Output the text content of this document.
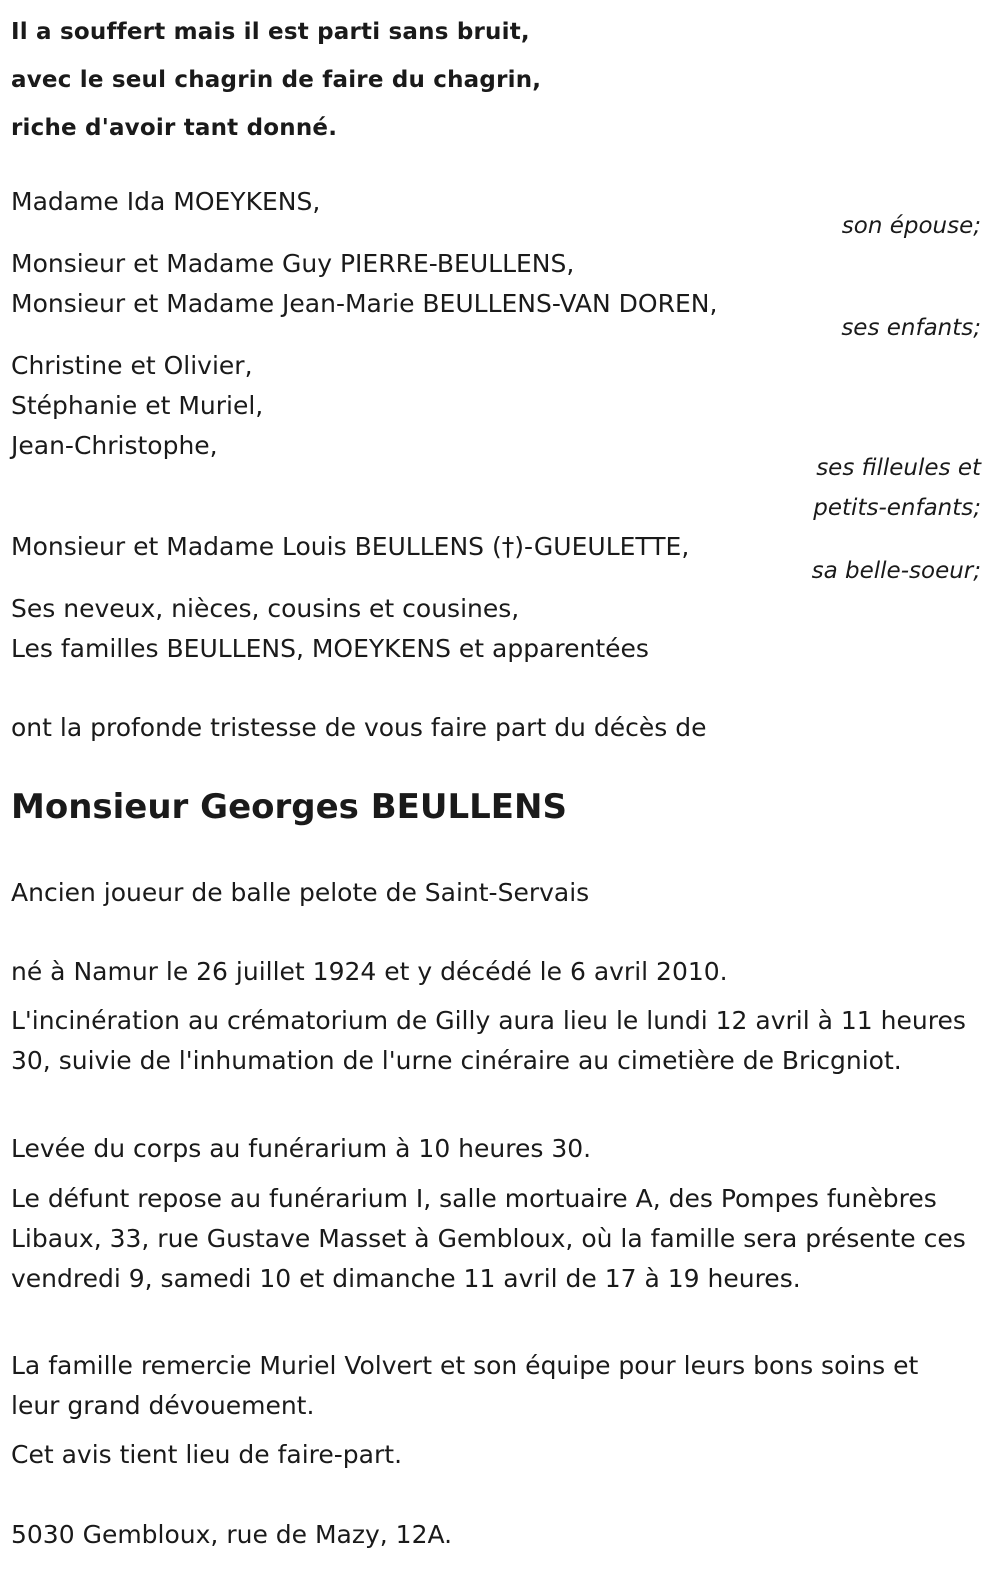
Il a souffert mais il est parti sans bruit,
avec le seul chagrin de faire du chagrin,
riche d'avoir tant donné.
Madame Ida MOEYKENS,
son épouse;
Monsieur et Madame Guy PIERRE-BEULLENS,
Monsieur et Madame Jean-Marie BEULLENS-VAN DOREN,
ses enfants;
Christine et Olivier,
Stéphanie et Muriel,
Jean-Christophe,
ses filleules et
petits-enfants;
Monsieur et Madame Louis BEULLENS (†)-GUEULETTE,
sa belle-soeur;
Ses neveux, nièces, cousins et cousines,
Les familles BEULLENS, MOEYKENS et apparentées
ont la profonde tristesse de vous faire part du décès de
Monsieur Georges BEULLENS
Ancien joueur de balle pelote de Saint-Servais
né à Namur le 26 juillet 1924 et y décédé le 6 avril 2010.
L'incinération au crématorium de Gilly aura lieu le lundi 12 avril à 11 heures 30, suivie de l'inhumation de l'urne cinéraire au cimetière de Bricgniot.
Levée du corps au funérarium à 10 heures 30.
Le défunt repose au funérarium I, salle mortuaire A, des Pompes funèbres Libaux, 33, rue Gustave Masset à Gembloux, où la famille sera présente ces vendredi 9, samedi 10 et dimanche 11 avril de 17 à 19 heures.
La famille remercie Muriel Volvert et son équipe pour leurs bons soins et leur grand dévouement.
Cet avis tient lieu de faire-part.
5030 Gembloux, rue de Mazy, 12A.
